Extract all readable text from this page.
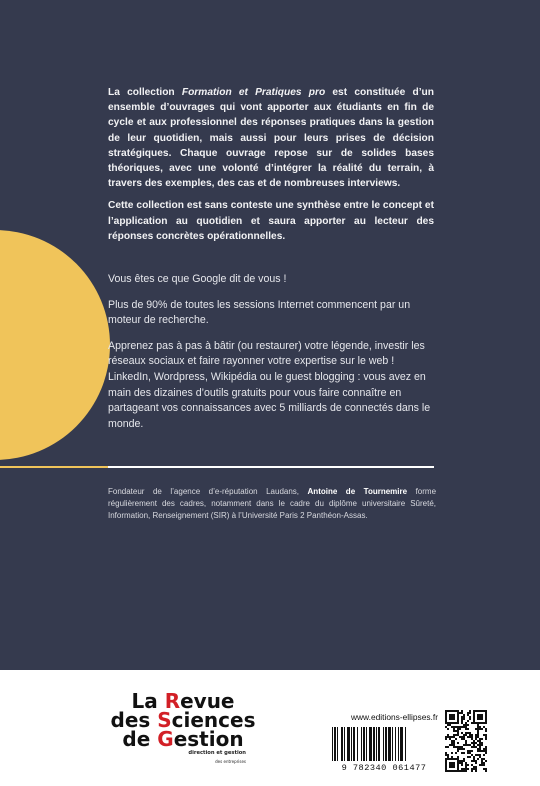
La collection Formation et Pratiques pro est constituée d’un ensemble d’ouvrages qui vont apporter aux étudiants en fin de cycle et aux professionnel des réponses pratiques dans la gestion de leur quotidien, mais aussi pour leurs prises de décision stratégiques. Chaque ouvrage repose sur de solides bases théoriques, avec une volonté d’intégrer la réalité du terrain, à travers des exemples, des cas et de nombreuses interviews.

Cette collection est sans conteste une synthèse entre le concept et l’application au quotidien et saura apporter au lecteur des réponses concrètes opérationnelles.

Vous êtes ce que Google dit de vous !

Plus de 90% de toutes les sessions Internet commencent par un moteur de recherche.

Apprenez pas à pas à bâtir (ou restaurer) votre légende, investir les réseaux sociaux et faire rayonner votre expertise sur le web ! LinkedIn, Wordpress, Wikipédia ou le guest blogging : vous avez en main des dizaines d’outils gratuits pour vous faire connaître en partageant vos connaissances avec 5 milliards de connectés dans le monde.

Fondateur de l’agence d’e-réputation Laudans, Antoine de Tournemire forme régulièrement des cadres, notamment dans le cadre du diplôme universitaire Sûreté, Information, Renseignement (SIR) à l’Université Paris 2 Panthéon-Assas.
La Revue
des Sciences
de Gestion
direction et gestion
des entreprises
www.editions-ellipses.fr
9 782340 061477
